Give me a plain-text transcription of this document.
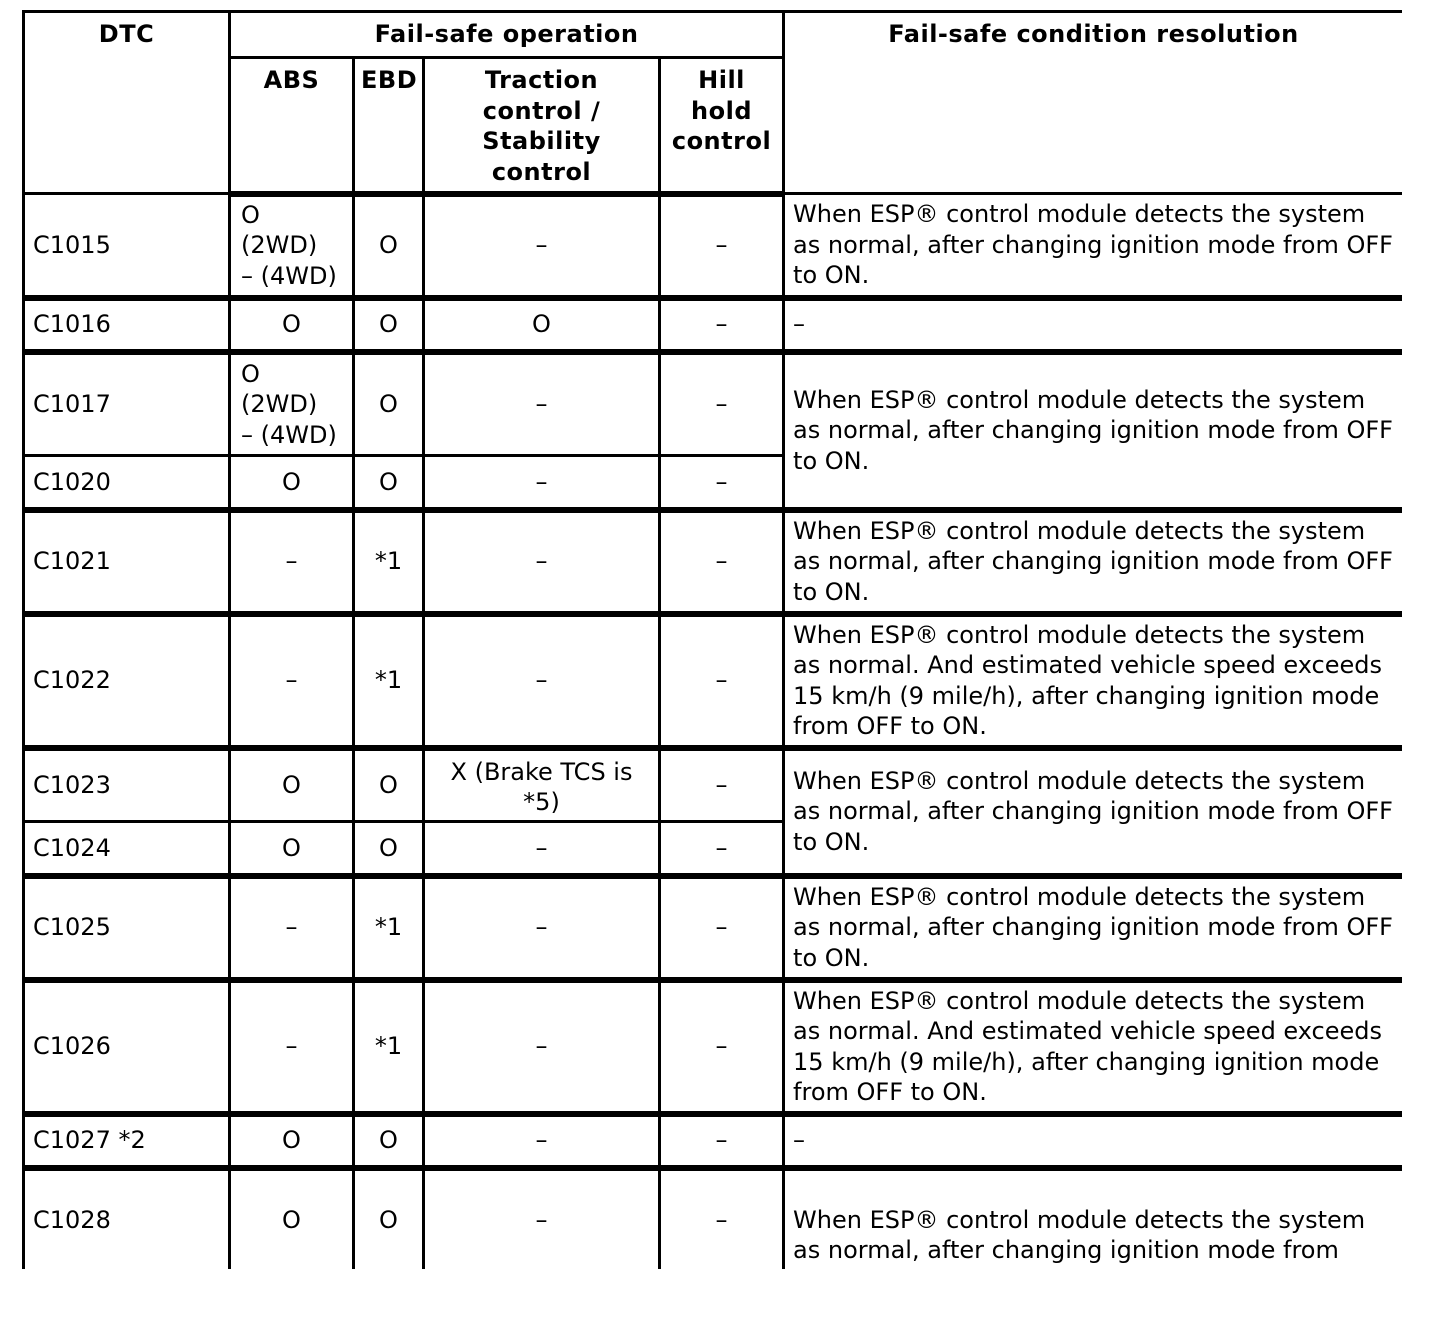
DTC	Fail-safe operation				Fail-safe condition resolution
	ABS	EBD	Traction
control /
Stability
control	Hill
hold
control	

C1015	O
(2WD)
– (4WD)	O	–	–	When ESP® control module detects the system as normal, after changing ignition mode from OFF to ON.
C1016	O	O	O	–	–
C1017	O
(2WD)
– (4WD)	O	–	–	When ESP® control module detects the system as normal, after changing ignition mode from OFF to ON.
C1020	O	O	–	–	
C1021	–	*1	–	–	When ESP® control module detects the system as normal, after changing ignition mode from OFF to ON.
C1022	–	*1	–	–	When ESP® control module detects the system as normal. And estimated vehicle speed exceeds 15 km/h (9 mile/h), after changing ignition mode from OFF to ON.
C1023	O	O	X (Brake TCS is *5)	–	When ESP® control module detects the system as normal, after changing ignition mode from OFF to ON.
C1024	O	O	–	–	
C1025	–	*1	–	–	When ESP® control module detects the system as normal, after changing ignition mode from OFF to ON.
C1026	–	*1	–	–	When ESP® control module detects the system as normal. And estimated vehicle speed exceeds 15 km/h (9 mile/h), after changing ignition mode from OFF to ON.
C1027 *2	O	O	–	–	–
C1028	O	O	–	–	When ESP® control module detects the system as normal, after changing ignition mode from
